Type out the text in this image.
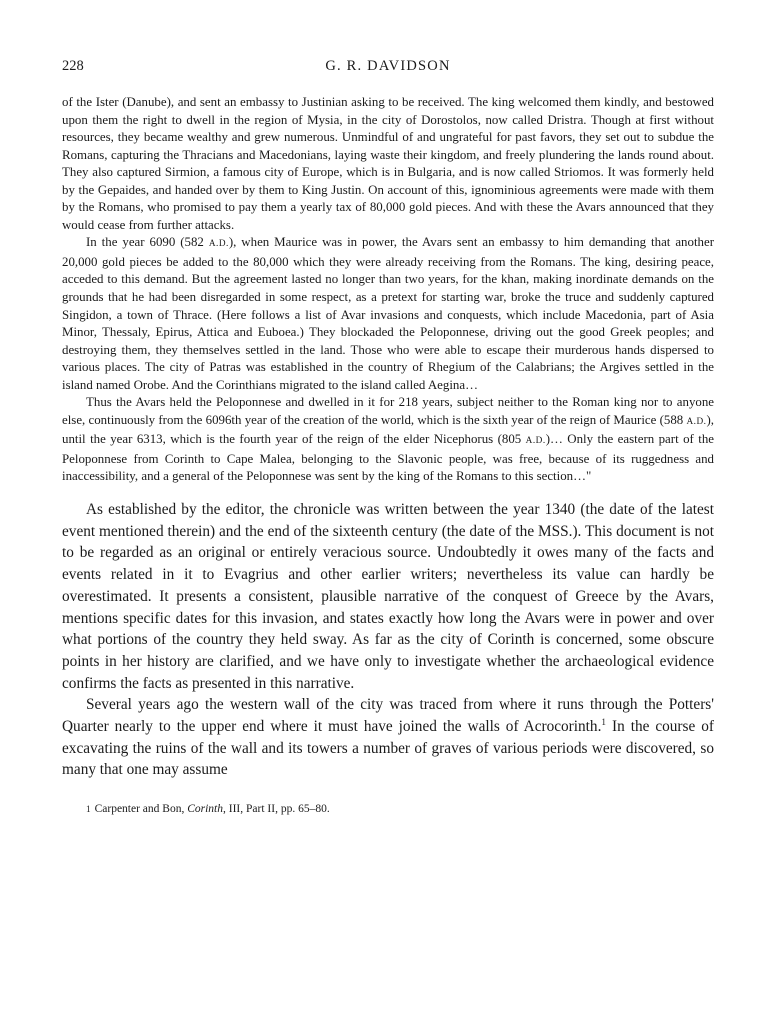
228	G. R. DAVIDSON

of the Ister (Danube), and sent an embassy to Justinian asking to be received. The king welcomed them kindly, and bestowed upon them the right to dwell in the region of Mysia, in the city of Dorostolos, now called Dristra. Though at first without resources, they became wealthy and grew numerous. Unmindful of and ungrateful for past favors, they set out to subdue the Romans, capturing the Thracians and Macedonians, laying waste their kingdom, and freely plundering the lands round about. They also captured Sirmion, a famous city of Europe, which is in Bulgaria, and is now called Striomos. It was formerly held by the Gepaides, and handed over by them to King Justin. On account of this, ignominious agreements were made with them by the Romans, who promised to pay them a yearly tax of 80,000 gold pieces. And with these the Avars announced that they would cease from further attacks.

In the year 6090 (582 A.D.), when Maurice was in power, the Avars sent an embassy to him demanding that another 20,000 gold pieces be added to the 80,000 which they were already receiving from the Romans. The king, desiring peace, acceded to this demand. But the agreement lasted no longer than two years, for the khan, making inordinate demands on the grounds that he had been disregarded in some respect, as a pretext for starting war, broke the truce and suddenly captured Singidon, a town of Thrace. (Here follows a list of Avar invasions and conquests, which include Macedonia, part of Asia Minor, Thessaly, Epirus, Attica and Euboea.) They blockaded the Peloponnese, driving out the good Greek peoples; and destroying them, they themselves settled in the land. Those who were able to escape their murderous hands dispersed to various places. The city of Patras was established in the country of Rhegium of the Calabrians; the Argives settled in the island named Orobe. And the Corinthians migrated to the island called Aegina…

Thus the Avars held the Peloponnese and dwelled in it for 218 years, subject neither to the Roman king nor to anyone else, continuously from the 6096th year of the creation of the world, which is the sixth year of the reign of Maurice (588 A.D.), until the year 6313, which is the fourth year of the reign of the elder Nicephorus (805 A.D.)… Only the eastern part of the Peloponnese from Corinth to Cape Malea, belonging to the Slavonic people, was free, because of its ruggedness and inaccessibility, and a general of the Peloponnese was sent by the king of the Romans to this section…"

As established by the editor, the chronicle was written between the year 1340 (the date of the latest event mentioned therein) and the end of the sixteenth century (the date of the MSS.). This document is not to be regarded as an original or entirely veracious source. Undoubtedly it owes many of the facts and events related in it to Evagrius and other earlier writers; nevertheless its value can hardly be overestimated. It presents a consistent, plausible narrative of the conquest of Greece by the Avars, mentions specific dates for this invasion, and states exactly how long the Avars were in power and over what portions of the country they held sway. As far as the city of Corinth is concerned, some obscure points in her history are clarified, and we have only to investigate whether the archaeological evidence confirms the facts as presented in this narrative.

Several years ago the western wall of the city was traced from where it runs through the Potters' Quarter nearly to the upper end where it must have joined the walls of Acrocorinth.$^1$ In the course of excavating the ruins of the wall and its towers a number of graves of various periods were discovered, so many that one may assume

$^1$ Carpenter and Bon, Corinth, III, Part II, pp. 65–80.
